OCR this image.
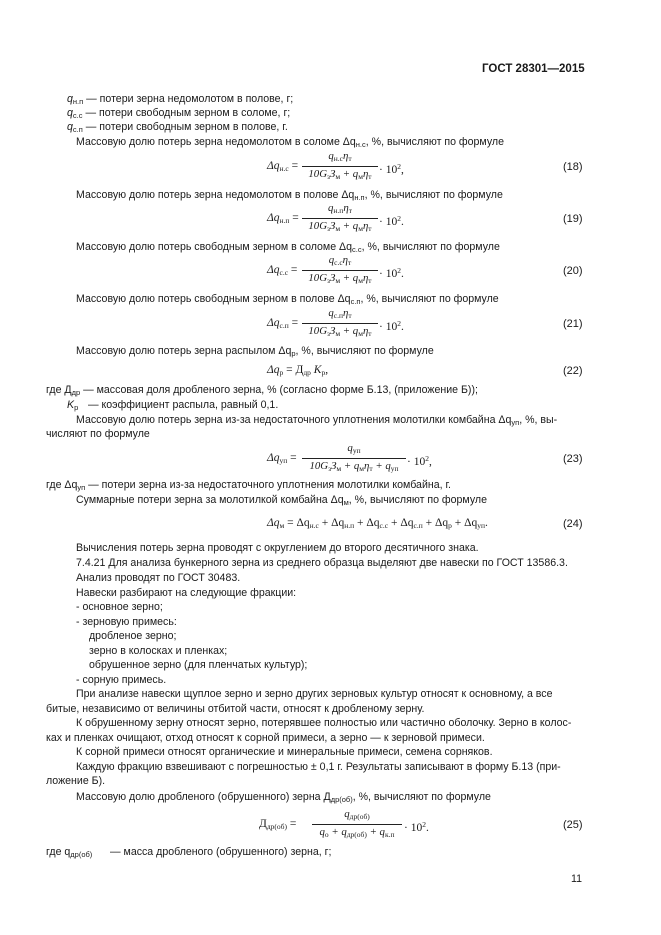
ГОСТ 28301—2015
$q_{н.п}$ — потери зерна недомолотом в полове, г;
$q_{с.с}$ — потери свободным зерном в соломе, г;
$q_{с.п}$ — потери свободным зерном в полове, г.
Массовую долю потерь зерна недомолотом в соломе $\Delta q_{н.с}$, %, вычисляют по формуле
$\Delta q_{н.с}$ =
$q_{н.с}\eta_т$
$10G_зЗ_м + q_м\eta_т$
· $10^2$,	(18)
Массовую долю потерь зерна недомолотом в полове $\Delta q_{н.п}$, %, вычисляют по формуле
$\Delta q_{н.п}$ =
$q_{н.п}\eta_т$
$10G_зЗ_м + q_м\eta_т$
· $10^2$.	(19)
Массовую долю потерь свободным зерном в соломе $\Delta q_{с.с}$, %, вычисляют по формуле
$\Delta q_{с.с}$ =
$q_{с.с}\eta_т$
$10G_зЗ_м + q_м\eta_т$
· $10^2$.	(20)
Массовую долю потерь свободным зерном в полове $\Delta q_{с.п}$, %, вычисляют по формуле
$\Delta q_{с.п}$ =
$q_{с.п}\eta_т$
$10G_зЗ_м + q_м\eta_т$
· $10^2$.	(21)
Массовую долю потерь зерна распылом $\Delta q_р$, %, вычисляют по формуле
$\Delta q_р = Д_{др}$ $K_р$,	(22)
где $Д_{др}$ — массовая доля дробленого зерна, % (согласно форме Б.13, (приложение Б));
$K_р$ — коэффициент распыла, равный 0,1.
Массовую долю потерь зерна из-за недостаточного уплотнения молотилки комбайна $\Delta q_{уп}$, %, вы-
числяют по формуле
$\Delta q_{уп}$ =
$q_{уп}$
$10G_зЗ_м + q_м\eta_т + q_{уп}$
· $10^2$,	(23)
где $\Delta q_{уп}$ — потери зерна из-за недостаточного уплотнения молотилки комбайна, г.
Суммарные потери зерна за молотилкой комбайна $\Delta q_м$, %, вычисляют по формуле
$\Delta q_м = \Delta q_{н.с} + \Delta q_{н.п} + \Delta q_{с.с} + \Delta q_{с.п} + \Delta q_р + \Delta q_{уп}$.	(24)
Вычисления потерь зерна проводят с округлением до второго десятичного знака.
7.4.21 Для анализа бункерного зерна из среднего образца выделяют две навески по ГОСТ 13586.3.
Анализ проводят по ГОСТ 30483.
Навески разбирают на следующие фракции:
- основное зерно;
- зерновую примесь:
дробленое зерно;
зерно в колосках и пленках;
обрушенное зерно (для пленчатых культур);
- сорную примесь.
При анализе навески щуплое зерно и зерно других зерновых культур относят к основному, а все
битые, независимо от величины отбитой части, относят к дробленому зерну.
К обрушенному зерну относят зерно, потерявшее полностью или частично оболочку. Зерно в колос-
ках и пленках очищают, отход относят к сорной примеси, а зерно — к зерновой примеси.
К сорной примеси относят органические и минеральные примеси, семена сорняков.
Каждую фракцию взвешивают с погрешностью ± 0,1 г. Результаты записывают в форму Б.13 (при-
ложение Б).
Массовую долю дробленого (обрушенного) зерна $Д_{др(об)}$, %, вычисляют по формуле
$Д_{др(об)}$ =
$q_{др(об)}$
$q_о + q_{др(об)} + q_{к.п}$
· $10^2$.	(25)
где $q_{др(об)}$ — масса дробленого (обрушенного) зерна, г;
11
